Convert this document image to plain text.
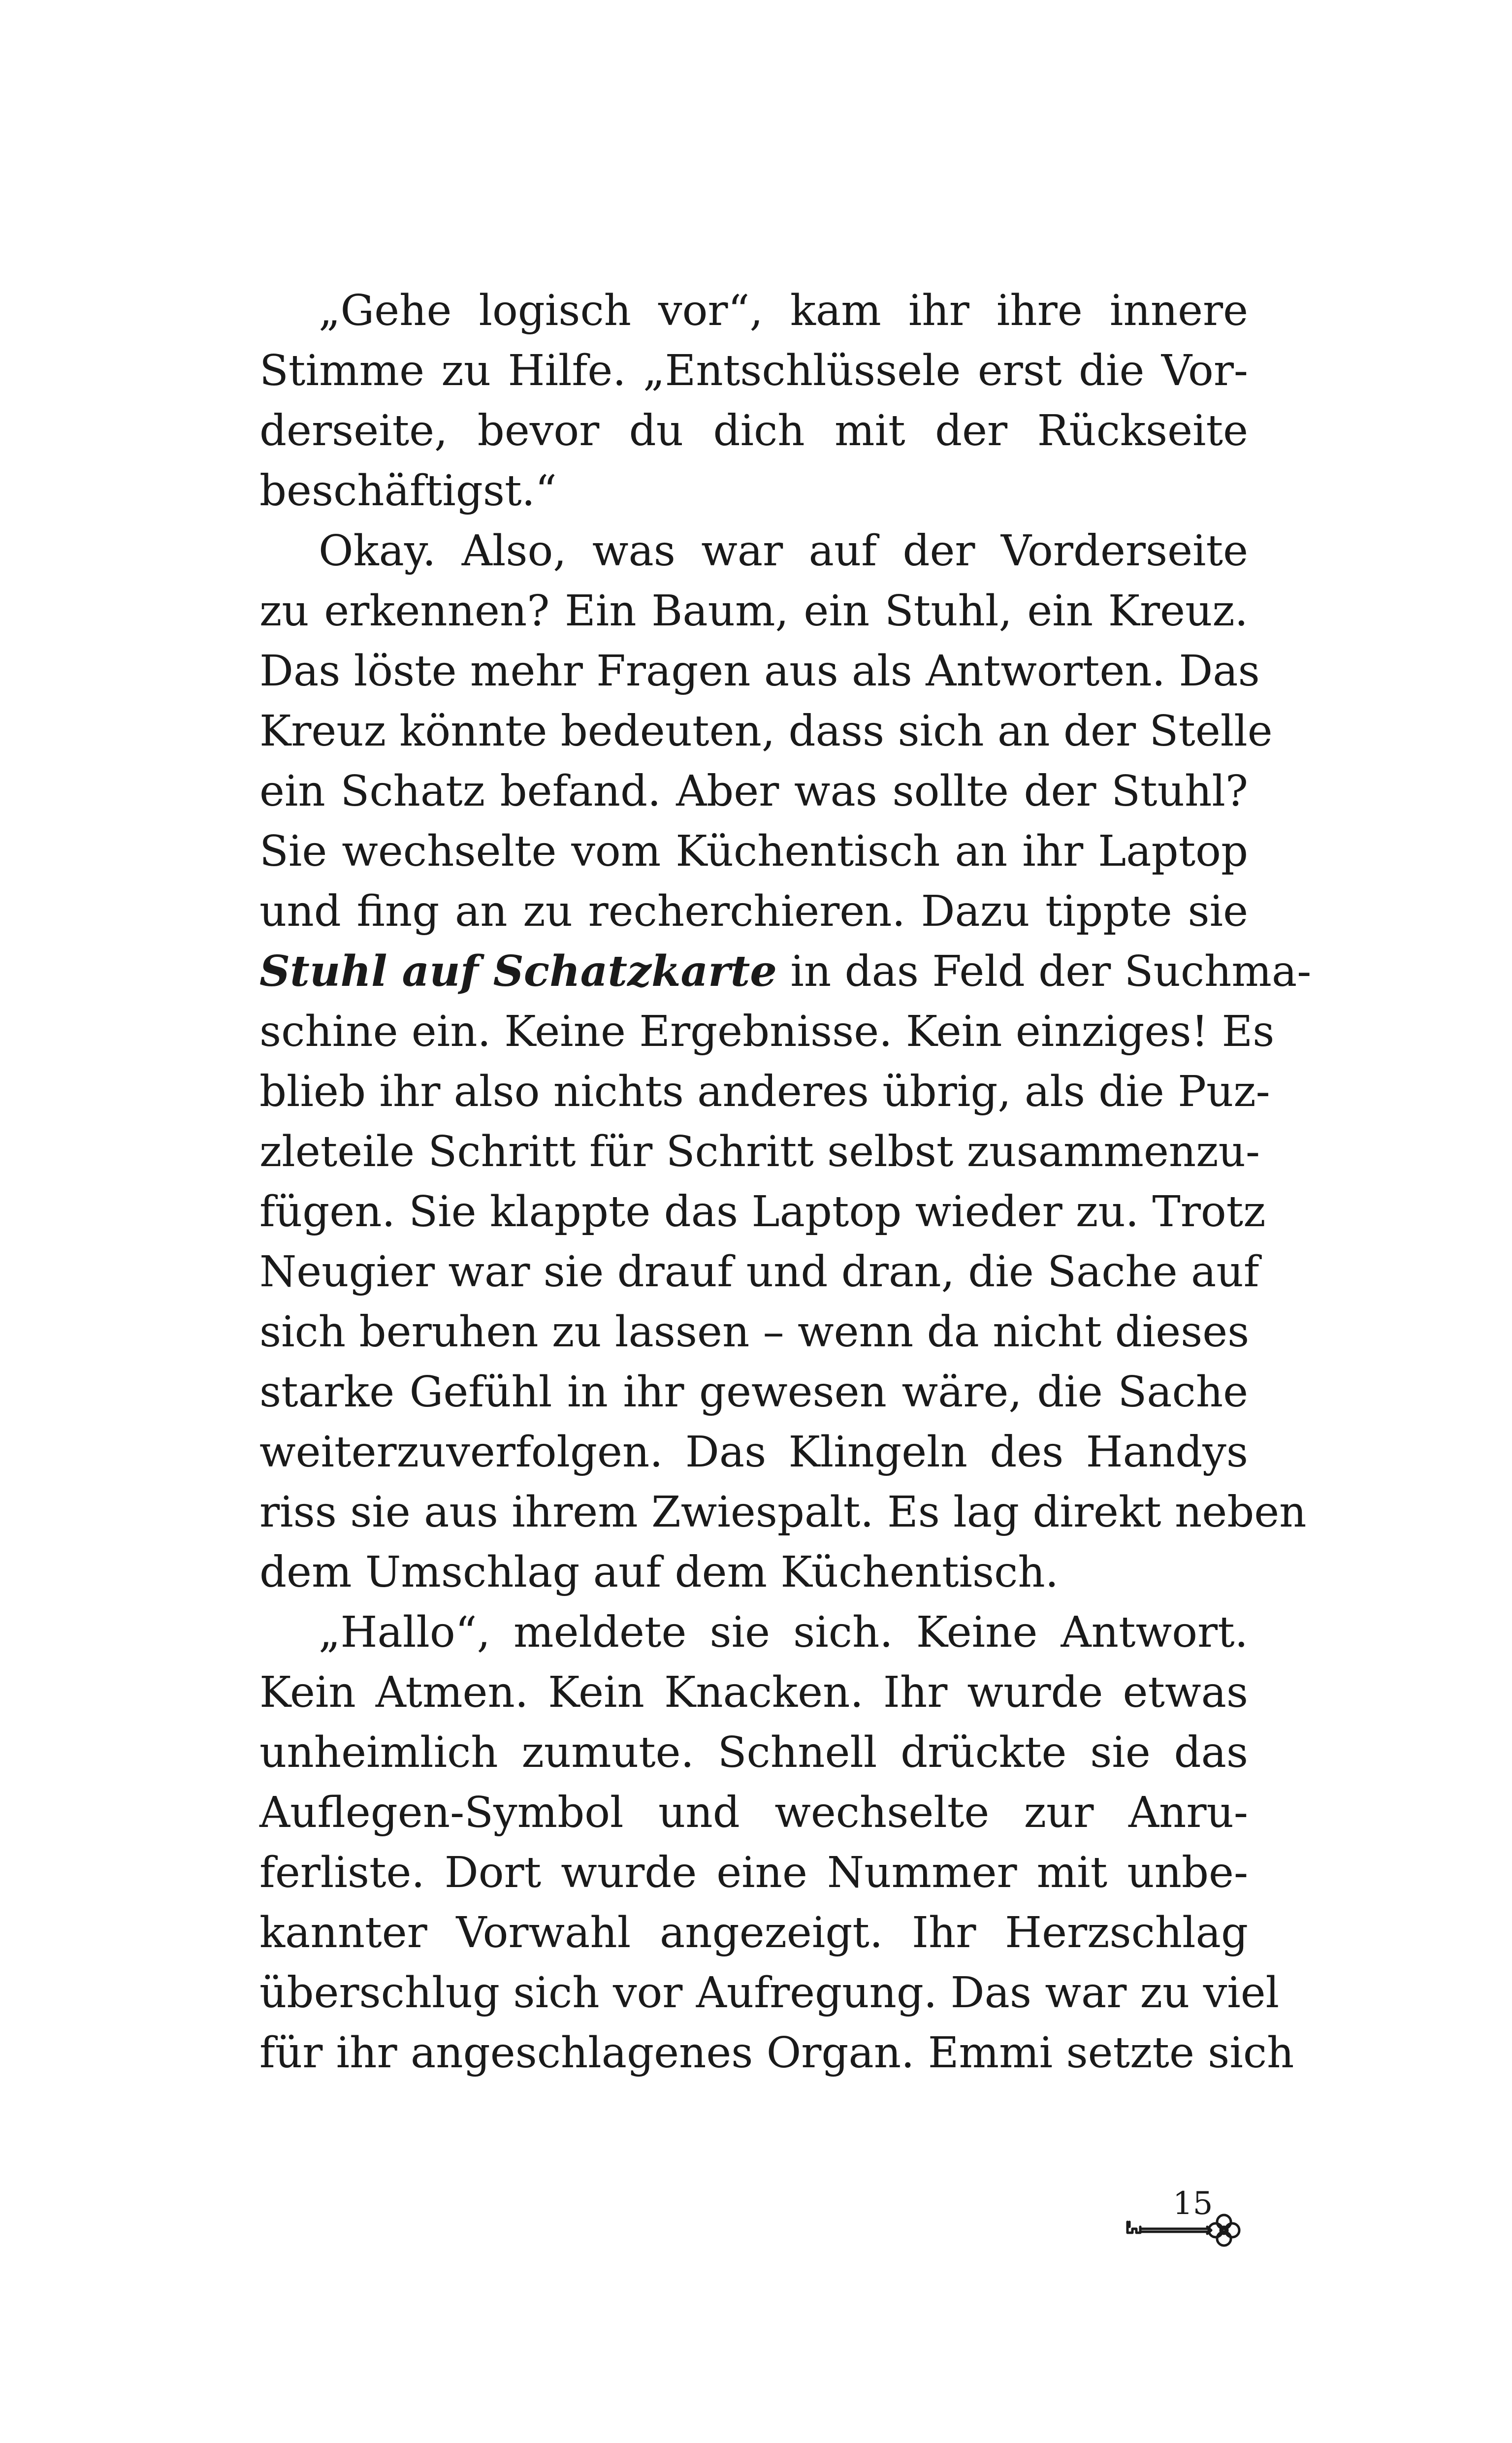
„Gehe logisch vor“, kam ihr ihre innere
Stimme zu Hilfe. „Entschlüssele erst die Vor-
derseite, bevor du dich mit der Rückseite
beschäftigst.“
Okay. Also, was war auf der Vorderseite
zu erkennen? Ein Baum, ein Stuhl, ein Kreuz.
Das löste mehr Fragen aus als Antworten. Das
Kreuz könnte bedeuten, dass sich an der Stelle
ein Schatz befand. Aber was sollte der Stuhl?
Sie wechselte vom Küchentisch an ihr Laptop
und fing an zu recherchieren. Dazu tippte sie
Stuhl auf Schatzkarte in das Feld der Suchma-
schine ein. Keine Ergebnisse. Kein einziges! Es
blieb ihr also nichts anderes übrig, als die Puz-
zleteile Schritt für Schritt selbst zusammenzu-
fügen. Sie klappte das Laptop wieder zu. Trotz
Neugier war sie drauf und dran, die Sache auf
sich beruhen zu lassen – wenn da nicht dieses
starke Gefühl in ihr gewesen wäre, die Sache
weiterzuverfolgen. Das Klingeln des Handys
riss sie aus ihrem Zwiespalt. Es lag direkt neben
dem Umschlag auf dem Küchentisch.
„Hallo“, meldete sie sich. Keine Antwort.
Kein Atmen. Kein Knacken. Ihr wurde etwas
unheimlich zumute. Schnell drückte sie das
Auflegen-Symbol und wechselte zur Anru-
ferliste. Dort wurde eine Nummer mit unbe-
kannter Vorwahl angezeigt. Ihr Herzschlag
überschlug sich vor Aufregung. Das war zu viel
für ihr angeschlagenes Organ. Emmi setzte sich
15
